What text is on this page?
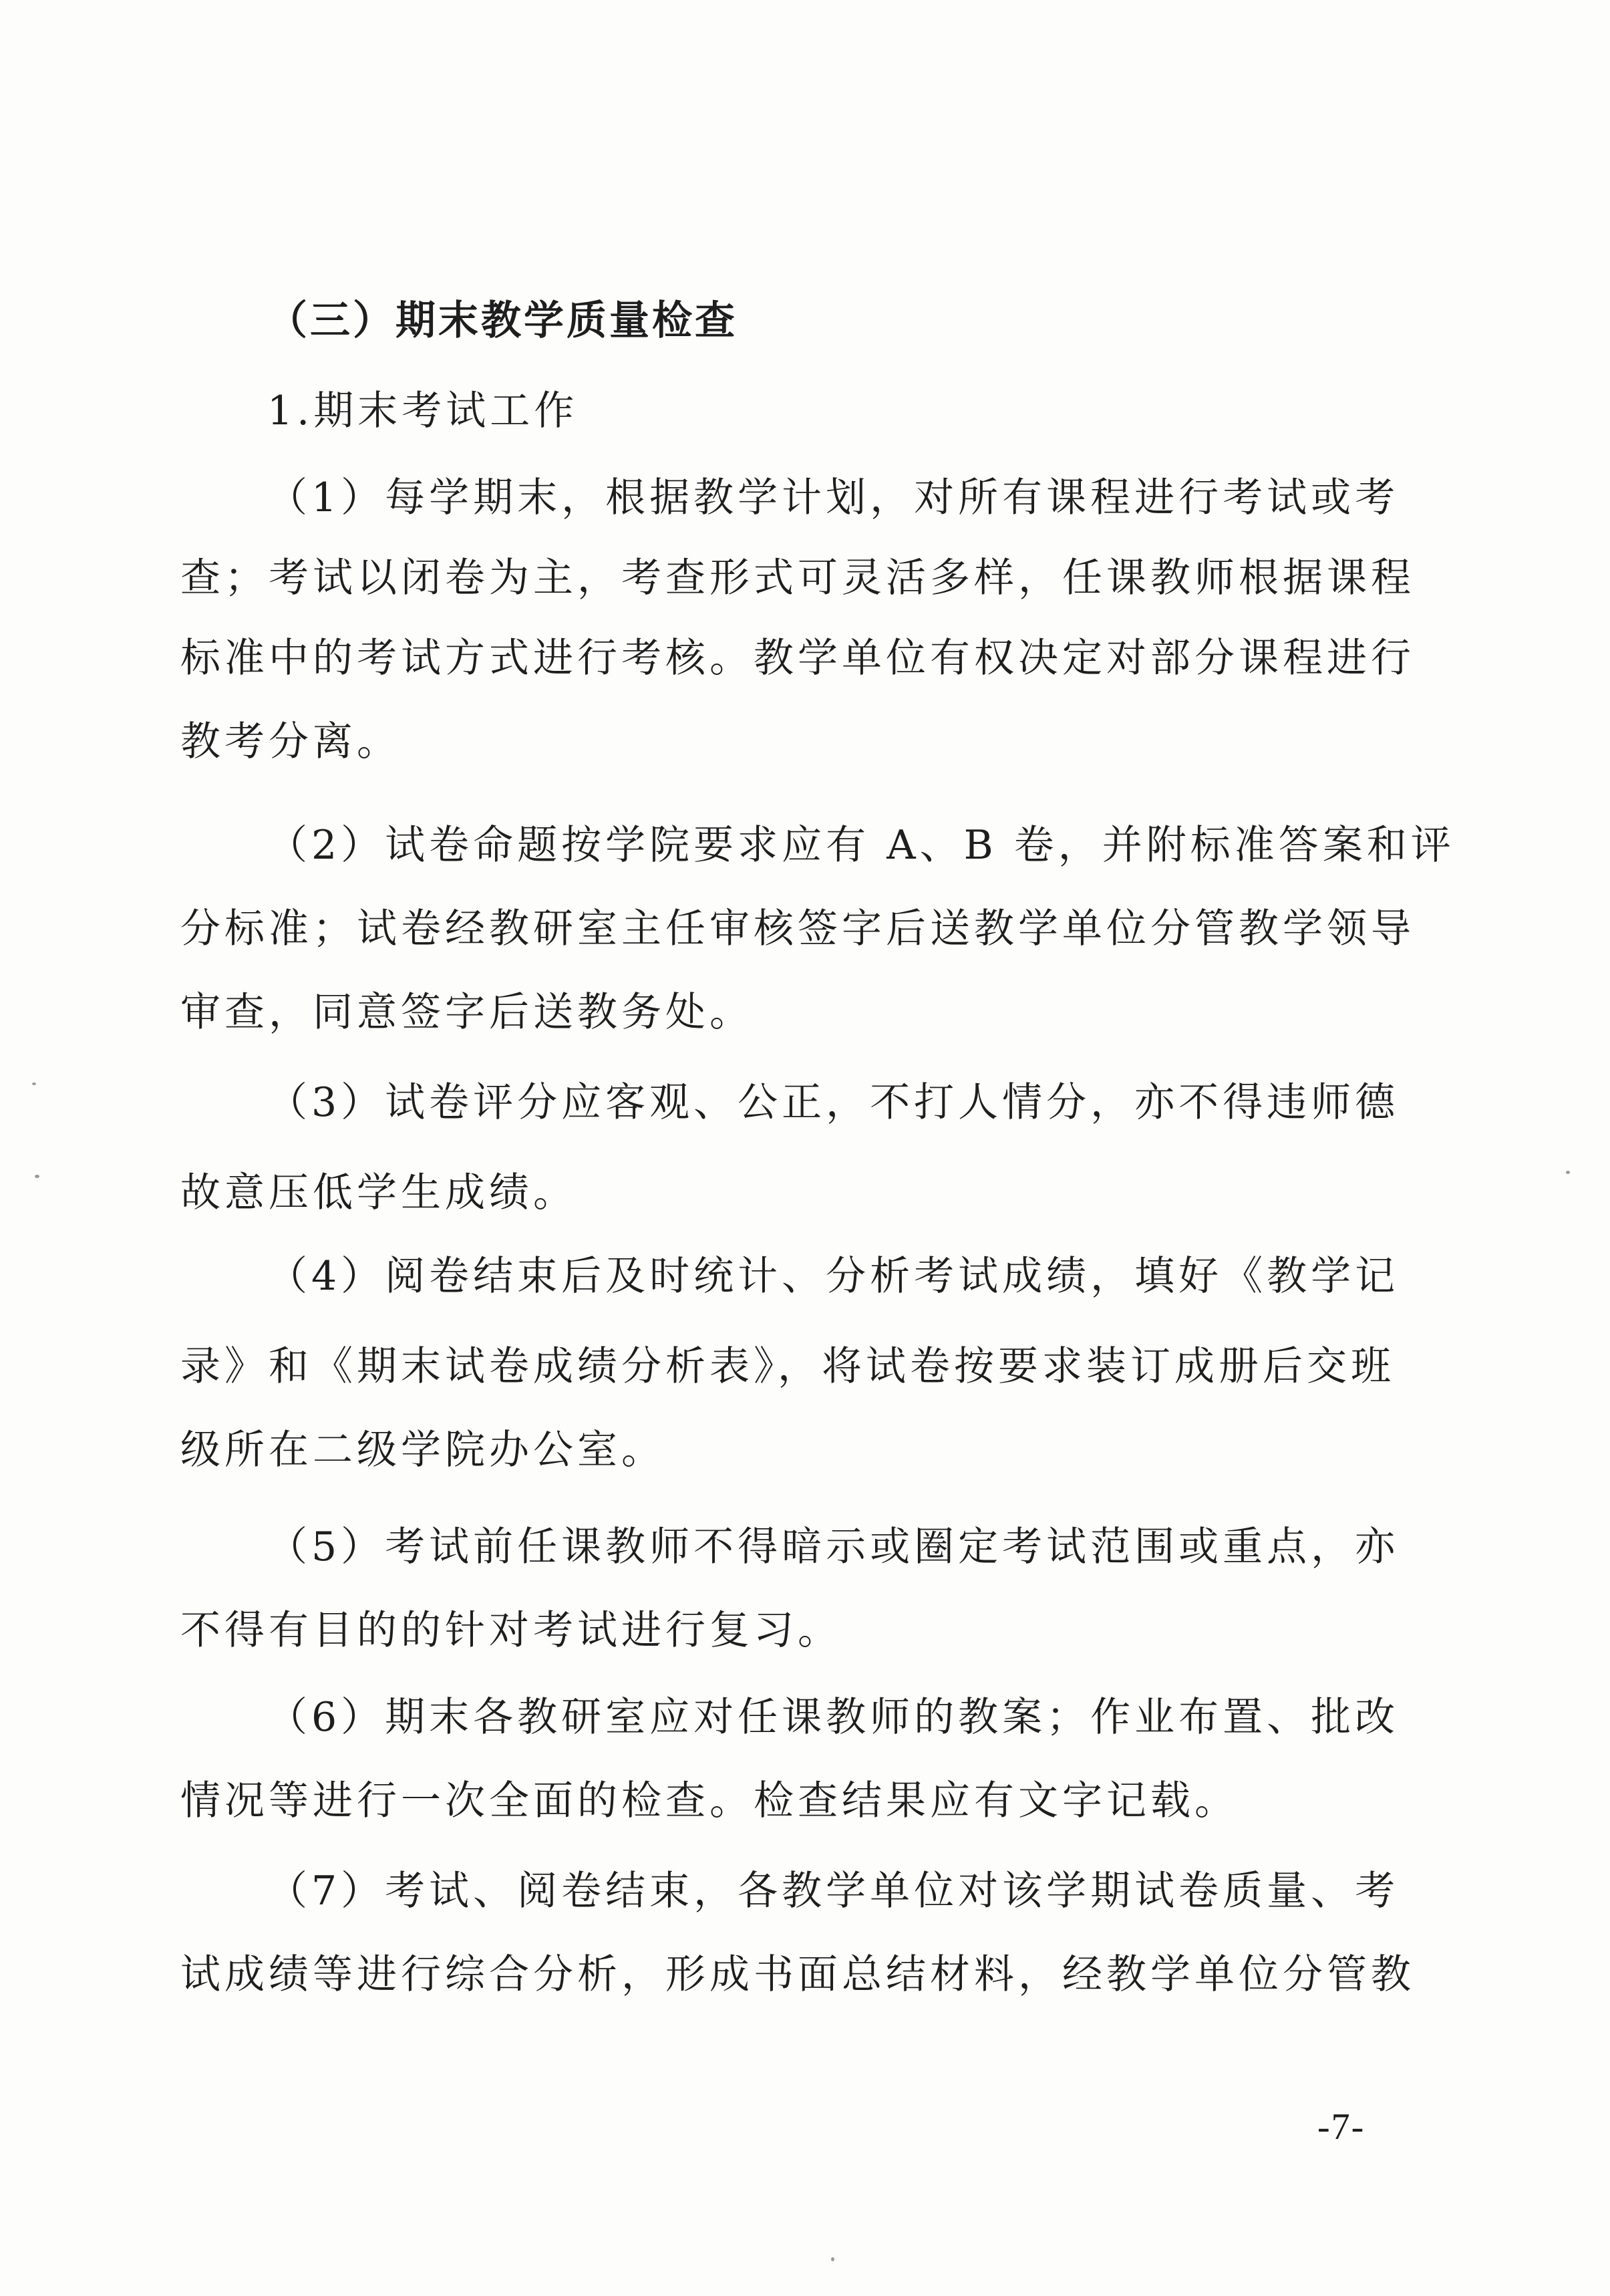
（三）期末教学质量检查
1.期末考试工作
（1）每学期末，根据教学计划，对所有课程进行考试或考
查；考试以闭卷为主，考查形式可灵活多样，任课教师根据课程
标准中的考试方式进行考核。教学单位有权决定对部分课程进行
教考分离。
（2）试卷命题按学院要求应有 A、B 卷，并附标准答案和评
分标准；试卷经教研室主任审核签字后送教学单位分管教学领导
审查，同意签字后送教务处。
（3）试卷评分应客观、公正，不打人情分，亦不得违师德
故意压低学生成绩。
（4）阅卷结束后及时统计、分析考试成绩，填好《教学记
录》和《期末试卷成绩分析表》，将试卷按要求装订成册后交班
级所在二级学院办公室。
（5）考试前任课教师不得暗示或圈定考试范围或重点，亦
不得有目的的针对考试进行复习。
（6）期末各教研室应对任课教师的教案；作业布置、批改
情况等进行一次全面的检查。检查结果应有文字记载。
（7）考试、阅卷结束，各教学单位对该学期试卷质量、考
试成绩等进行综合分析，形成书面总结材料，经教学单位分管教
-7-
